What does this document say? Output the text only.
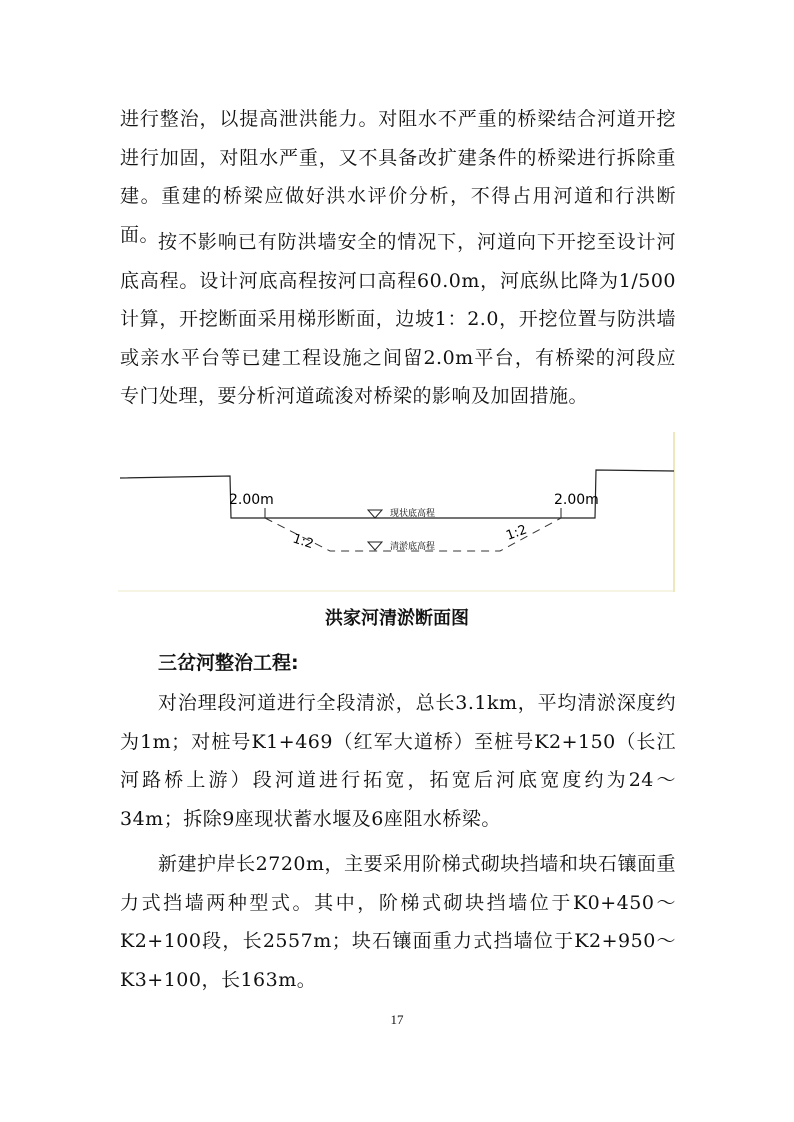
进行整治，以提高泄洪能力。对阻水不严重的桥梁结合河道开挖进行加固，对阻水严重，又不具备改扩建条件的桥梁进行拆除重建。重建的桥梁应做好洪水评价分析，不得占用河道和行洪断面。

按不影响已有防洪墙安全的情况下，河道向下开挖至设计河底高程。设计河底高程按河口高程60.0m，河底纵比降为1/500计算，开挖断面采用梯形断面，边坡1：2.0，开挖位置与防洪墙或亲水平台等已建工程设施之间留2.0m平台，有桥梁的河段应专门处理，要分析河道疏浚对桥梁的影响及加固措施。

2.00m	2.00m
1:2	1:2
现状底高程
清淤底高程
洪家河清淤断面图
三岔河整治工程:

对治理段河道进行全段清淤，总长3.1km，平均清淤深度约为1m；对桩号K1+469（红军大道桥）至桩号K2+150（长江河路桥上游）段河道进行拓宽，拓宽后河底宽度约为24～34m；拆除9座现状蓄水堰及6座阻水桥梁。

新建护岸长2720m，主要采用阶梯式砌块挡墙和块石镶面重力式挡墙两种型式。其中，阶梯式砌块挡墙位于K0+450～K2+100段，长2557m；块石镶面重力式挡墙位于K2+950～K3+100，长163m。

17
